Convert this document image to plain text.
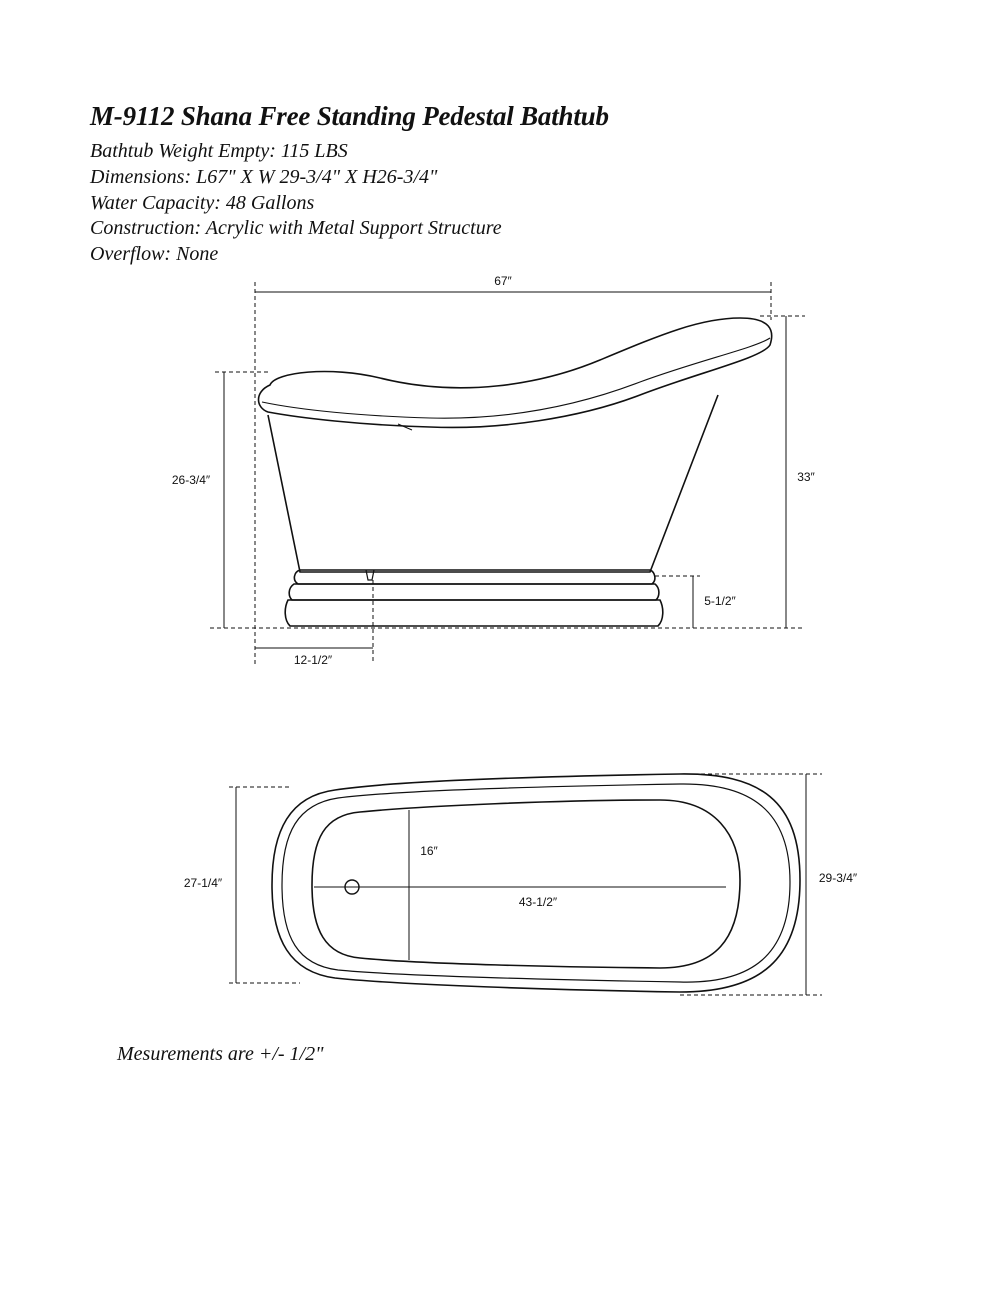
M-9112 Shana Free Standing Pedestal Bathtub
Bathtub Weight Empty: 115 LBS
Dimensions: L67" X W 29-3/4" X H26-3/4"
Water Capacity: 48 Gallons
Construction: Acrylic with Metal Support Structure
Overflow: None
67″
26-3/4″	33″
5-1/2″
12-1/2″
16″
43-1/2″
27-1/4″	29-3/4″
Mesurements are +/- 1/2"
